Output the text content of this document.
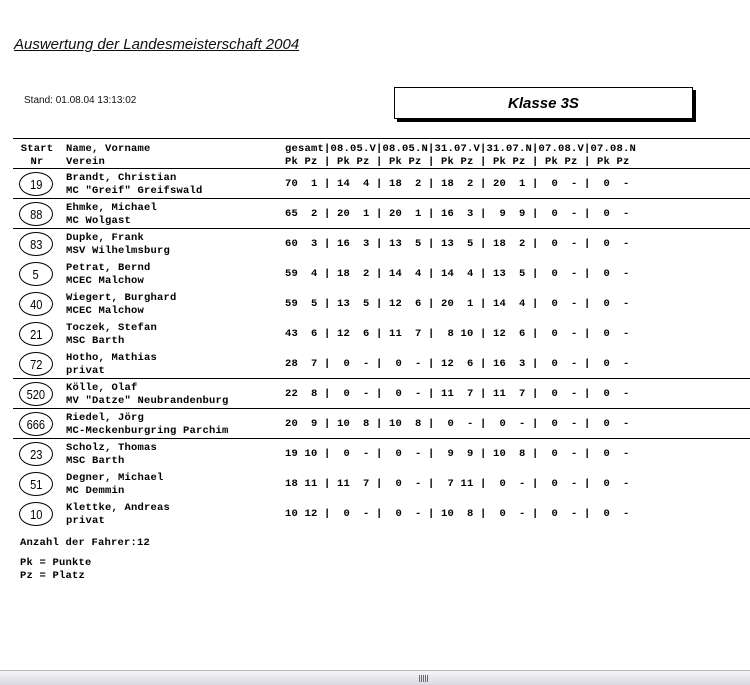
Auswertung der Landesmeisterschaft 2004
Stand: 01.08.04 13:13:02	Klasse 3S
Start
Nr
Name, Vorname
Verein
gesamt|08.05.V|08.05.N|31.07.V|31.07.N|07.08.V|07.08.N
Pk Pz | Pk Pz | Pk Pz | Pk Pz | Pk Pz | Pk Pz | Pk Pz
19 Brandt, Christian
MC "Greif" Greifswald
70  1 | 14  4 | 18  2 | 18  2 | 20  1 |  0  - |  0  -
88 Ehmke, Michael
MC Wolgast
65  2 | 20  1 | 20  1 | 16  3 |  9  9 |  0  - |  0  -
83 Dupke, Frank
MSV Wilhelmsburg
60  3 | 16  3 | 13  5 | 13  5 | 18  2 |  0  - |  0  -
5	Petrat, Bernd
MCEC Malchow
59  4 | 18  2 | 14  4 | 14  4 | 13  5 |  0  - |  0  -
40 Wiegert, Burghard
MCEC Malchow
59  5 | 13  5 | 12  6 | 20  1 | 14  4 |  0  - |  0  -
21 Toczek, Stefan
MSC Barth
43  6 | 12  6 | 11  7 |  8 10 | 12  6 |  0  - |  0  -
72 Hotho, Mathias
privat
28  7 |  0  - |  0  - | 12  6 | 16  3 |  0  - |  0  -
520 Kölle, Olaf
MV "Datze" Neubrandenburg
22  8 |  0  - |  0  - | 11  7 | 11  7 |  0  - |  0  -
666 Riedel, Jörg
MC-Meckenburgring Parchim
20  9 | 10  8 | 10  8 |  0  - |  0  - |  0  - |  0  -
23 Scholz, Thomas
MSC Barth
19 10 |  0  - |  0  - |  9  9 | 10  8 |  0  - |  0  -
51 Degner, Michael
MC Demmin
18 11 | 11  7 |  0  - |  7 11 |  0  - |  0  - |  0  -
10 Klettke, Andreas
privat
10 12 |  0  - |  0  - | 10  8 |  0  - |  0  - |  0  -
Anzahl der Fahrer:12
Pk = Punkte
Pz = Platz
